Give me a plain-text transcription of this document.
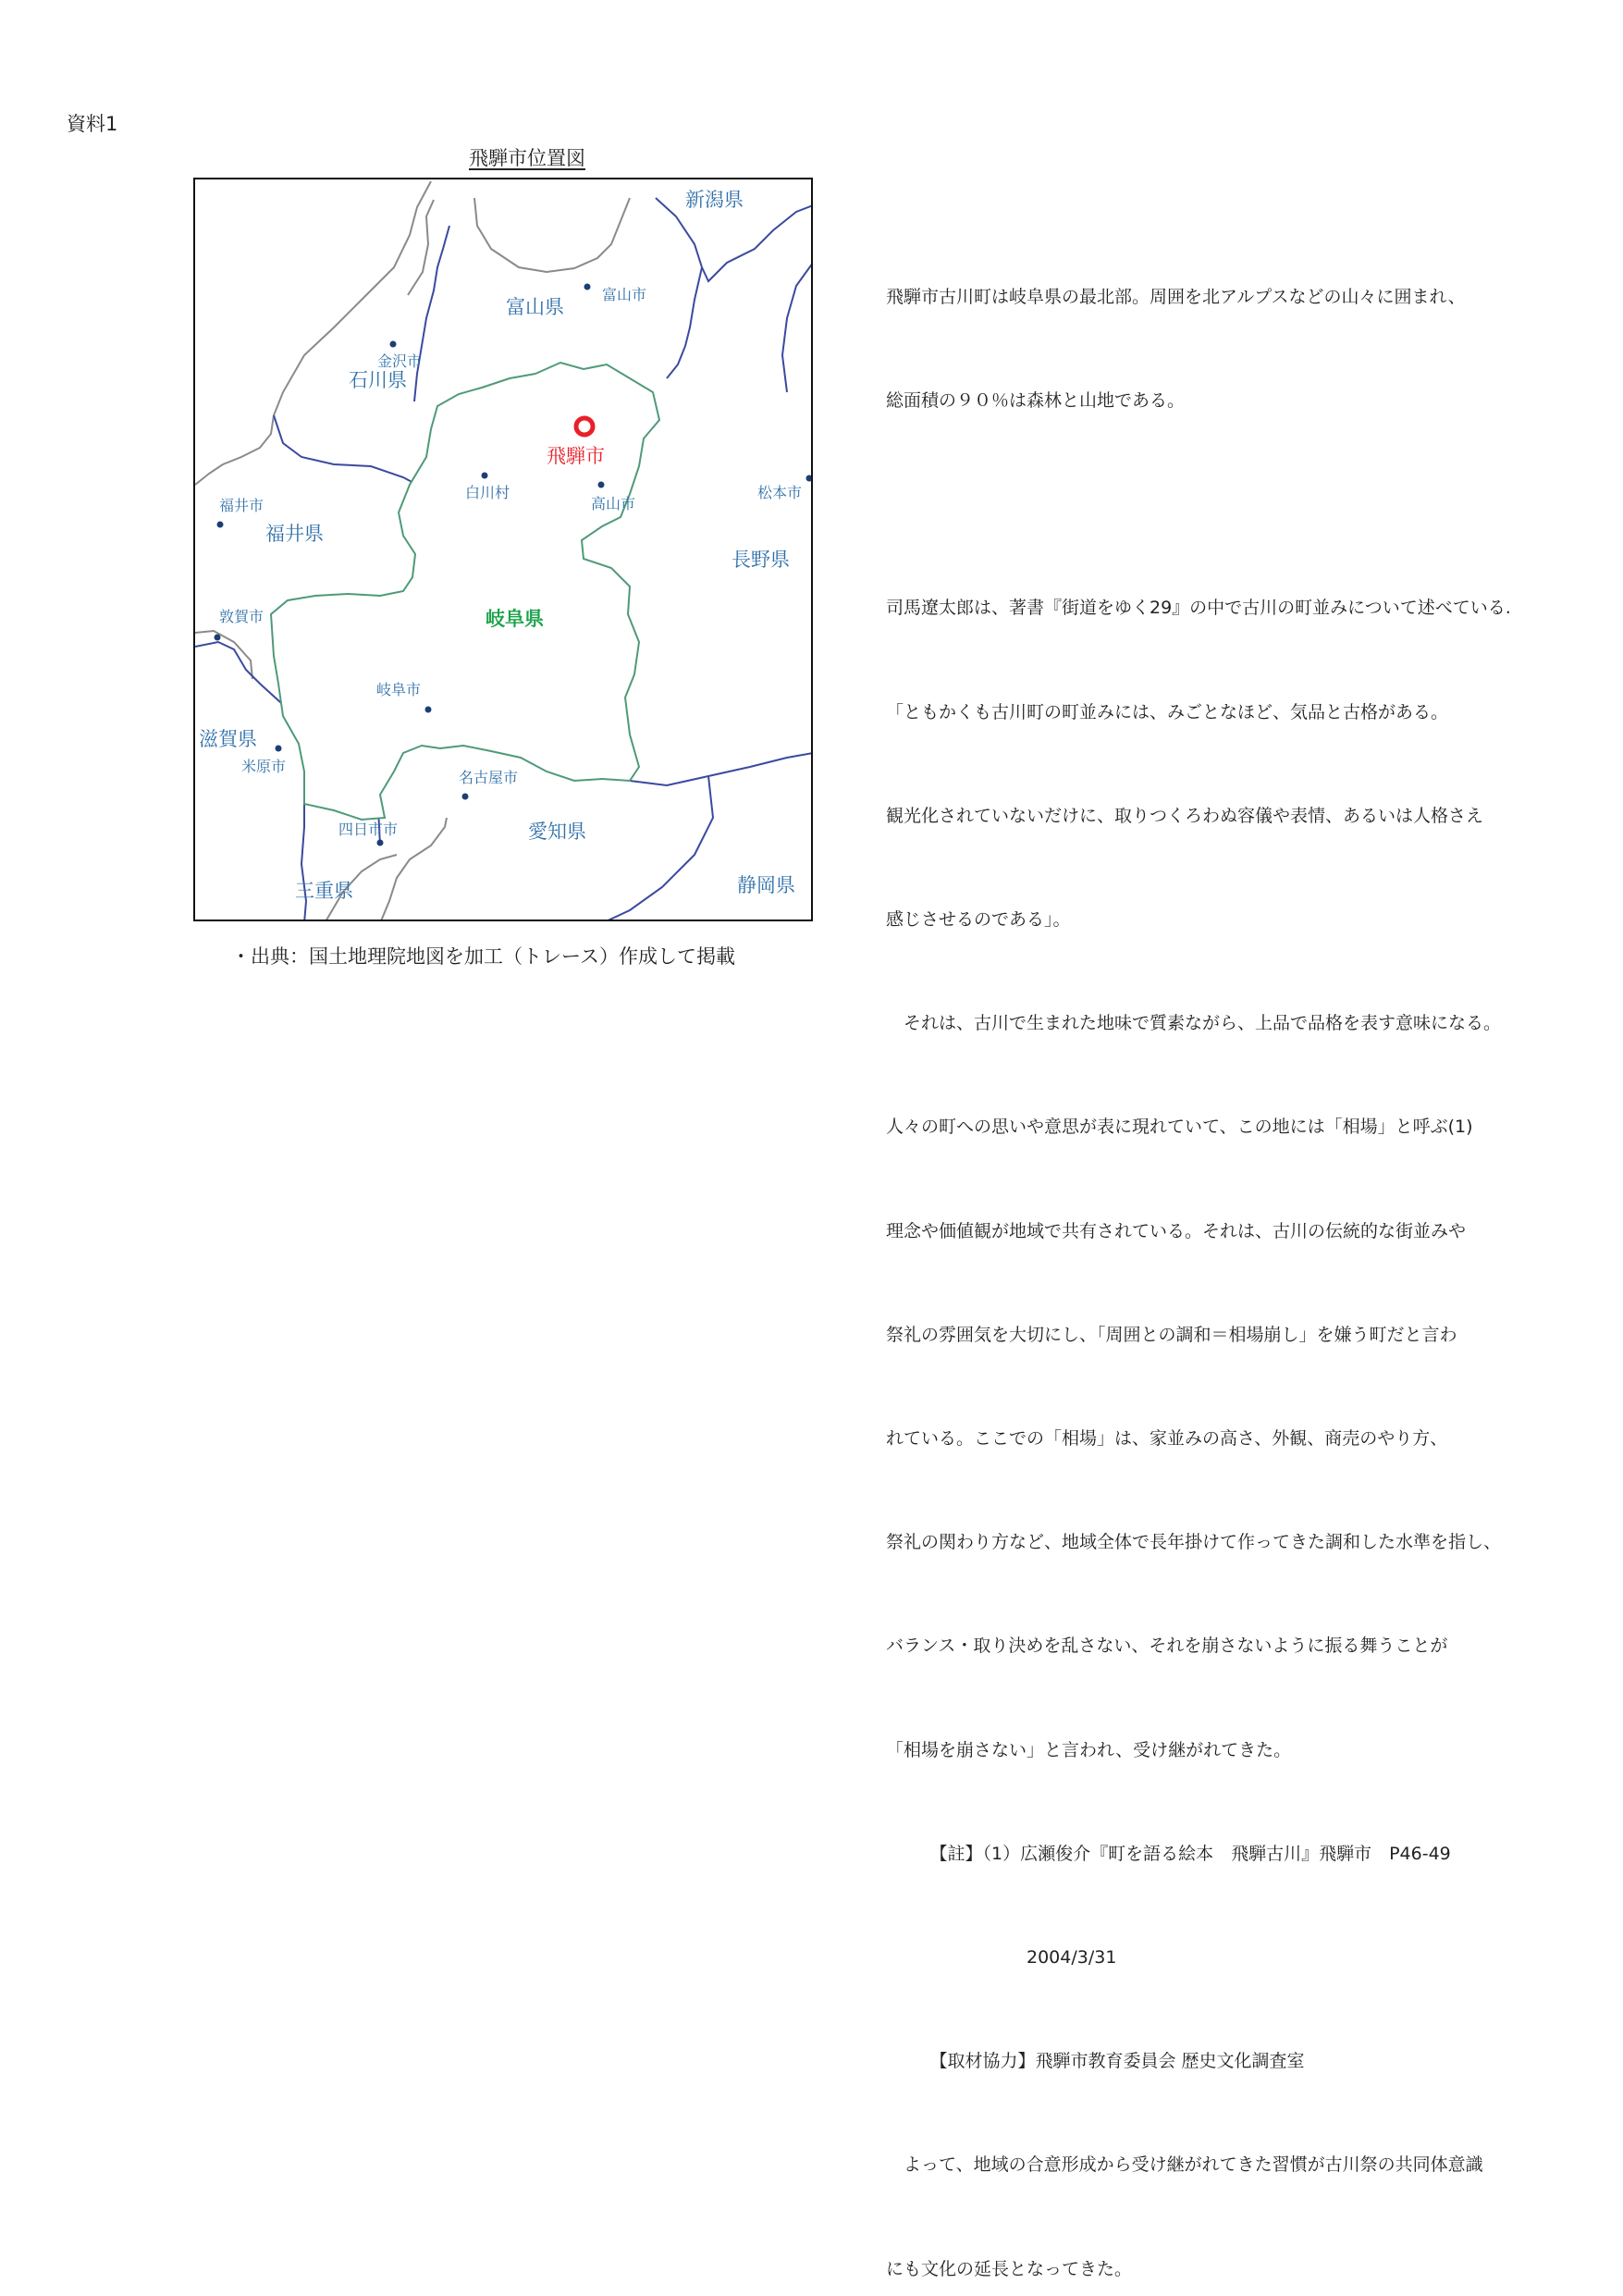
資料1
飛騨市位置図
新潟県
富山県
石川県
福井県
長野県
岐阜県
滋賀県
愛知県
三重県	静岡県
富山市
金沢市
白川村
高山市
松本市
福井市
敦賀市
岐阜市
米原市
名古屋市
四日市市
飛騨市
・出典：国土地理院地図を加工（トレース）作成して掲載

飛騨市古川町は岐阜県の最北部。周囲を北アルプスなどの山々に囲まれ、

総面積の９０％は森林と山地である。

司馬遼太郎は、著書『街道をゆく29』の中で古川の町並みについて述べている.

「ともかくも古川町の町並みには、みごとなほど、気品と古格がある。

観光化されていないだけに、取りつくろわぬ容儀や表情、あるいは人格さえ

感じさせるのである」。

　それは、古川で生まれた地味で質素ながら、上品で品格を表す意味になる。

人々の町への思いや意思が表に現れていて、この地には「相場」と呼ぶ(1)

理念や価値観が地域で共有されている。それは、古川の伝統的な街並みや

祭礼の雰囲気を大切にし、「周囲との調和＝相場崩し」を嫌う町だと言わ

れている。ここでの「相場」は、家並みの高さ、外観、商売のやり方、

祭礼の関わり方など、地域全体で長年掛けて作ってきた調和した水準を指し、

バランス・取り決めを乱さない、それを崩さないように振る舞うことが

「相場を崩さない」と言われ、受け継がれてきた。

　　　【註】（1）広瀬俊介『町を語る絵本　飛騨古川』飛騨市　P46-49

　　　　　　　　2004/3/31

　　　【取材協力】飛騨市教育委員会 歴史文化調査室

　よって、地域の合意形成から受け継がれてきた習慣が古川祭の共同体意識

にも文化の延長となってきた。
